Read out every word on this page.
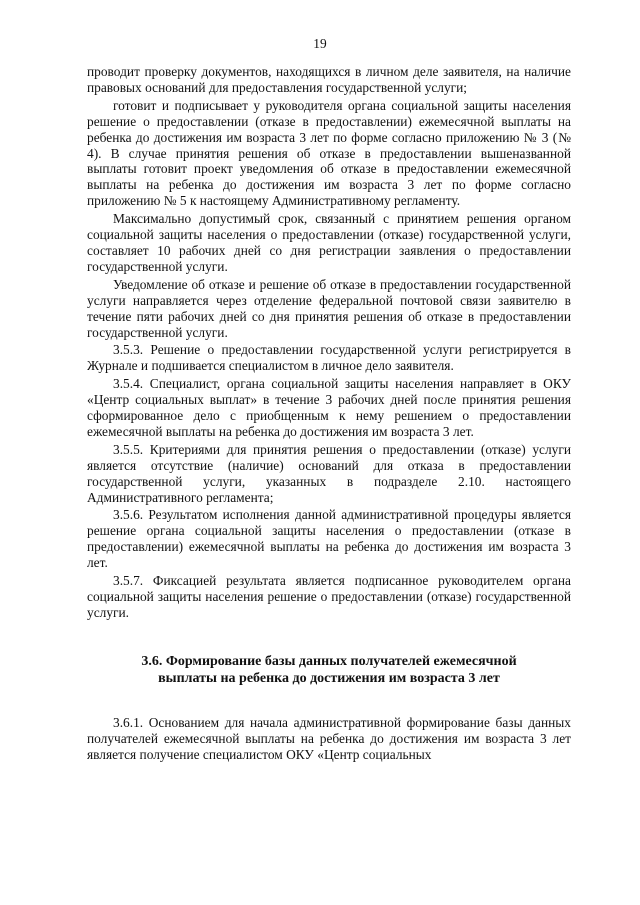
19

проводит проверку документов, находящихся в личном деле заявителя, на наличие правовых оснований для предоставления государственной услуги;

готовит и подписывает у руководителя органа социальной защиты населения решение о предоставлении (отказе в предоставлении) ежемесячной выплаты на ребенка до достижения им возраста 3 лет по форме согласно приложению № 3 (№ 4). В случае принятия решения об отказе в предоставлении вышеназванной выплаты готовит проект уведомления об отказе в предоставлении ежемесячной выплаты на ребенка до достижения им возраста 3 лет по форме согласно приложению № 5 к настоящему Административному регламенту.

Максимально допустимый срок, связанный с принятием решения органом социальной защиты населения о предоставлении (отказе) государственной услуги, составляет 10 рабочих дней со дня регистрации заявления о предоставлении государственной услуги.

Уведомление об отказе и решение об отказе в предоставлении государственной услуги направляется через отделение федеральной почтовой связи заявителю в течение пяти рабочих дней со дня принятия решения об отказе в предоставлении государственной услуги.

3.5.3. Решение о предоставлении государственной услуги регистрируется в Журнале и подшивается специалистом в личное дело заявителя.

3.5.4. Специалист, органа социальной защиты населения направляет в ОКУ «Центр социальных выплат» в течение 3 рабочих дней после принятия решения сформированное дело с приобщенным к нему решением о предоставлении ежемесячной выплаты на ребенка до достижения им возраста 3 лет.

3.5.5. Критериями для принятия решения о предоставлении (отказе) услуги является отсутствие (наличие) оснований для отказа в предоставлении государственной услуги, указанных в подразделе 2.10. настоящего Административного регламента;

3.5.6. Результатом исполнения данной административной процедуры является решение органа социальной защиты населения о предоставлении (отказе в предоставлении) ежемесячной выплаты на ребенка до достижения им возраста 3 лет.

3.5.7. Фиксацией результата является подписанное руководителем органа социальной защиты населения решение о предоставлении (отказе) государственной услуги.

3.6. Формирование базы данных получателей ежемесячной выплаты на ребенка до достижения им возраста 3 лет

3.6.1. Основанием для начала административной формирование базы данных получателей ежемесячной выплаты на ребенка до достижения им возраста 3 лет является получение специалистом ОКУ «Центр социальных
